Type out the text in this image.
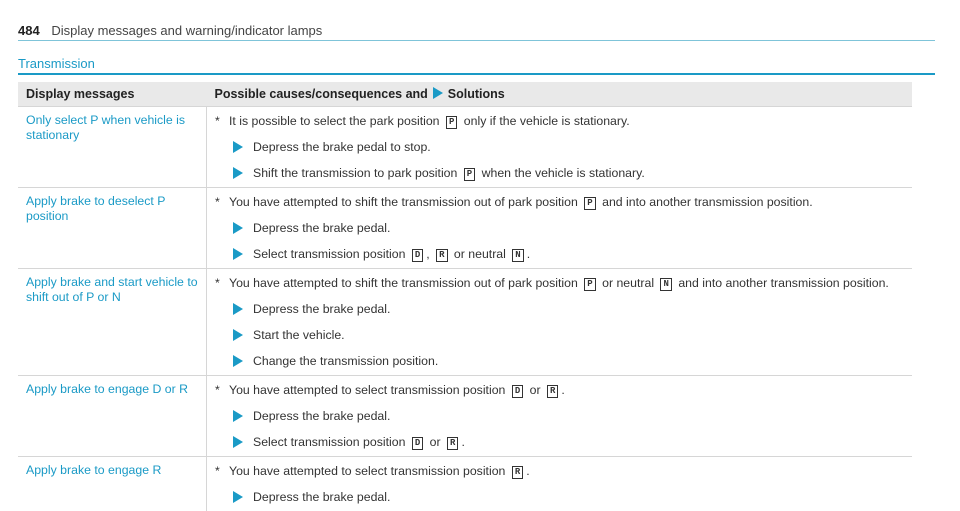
484 Display messages and warning/indicator lamps
Transmission
Display messages	Possible causes/consequences and Solutions
Only select P when vehicle is stationary	* It is possible to select the park position P only if the vehicle is stationary.
Depress the brake pedal to stop.
Shift the transmission to park position P when the vehicle is stationary.

Apply brake to deselect P position	* You have attempted to shift the transmission out of park position P and into another transmission position.
Depress the brake pedal.
Select transmission position D , R or neutral N .

Apply brake and start vehicle to shift out of P or N	* You have attempted to shift the transmission out of park position P or neutral N and into another transmission position.
Depress the brake pedal.
Start the vehicle.
Change the transmission position.

Apply brake to engage D or R	* You have attempted to select transmission position D or R .
Depress the brake pedal.
Select transmission position D or R .

Apply brake to engage R	* You have attempted to select transmission position R .
Depress the brake pedal.
